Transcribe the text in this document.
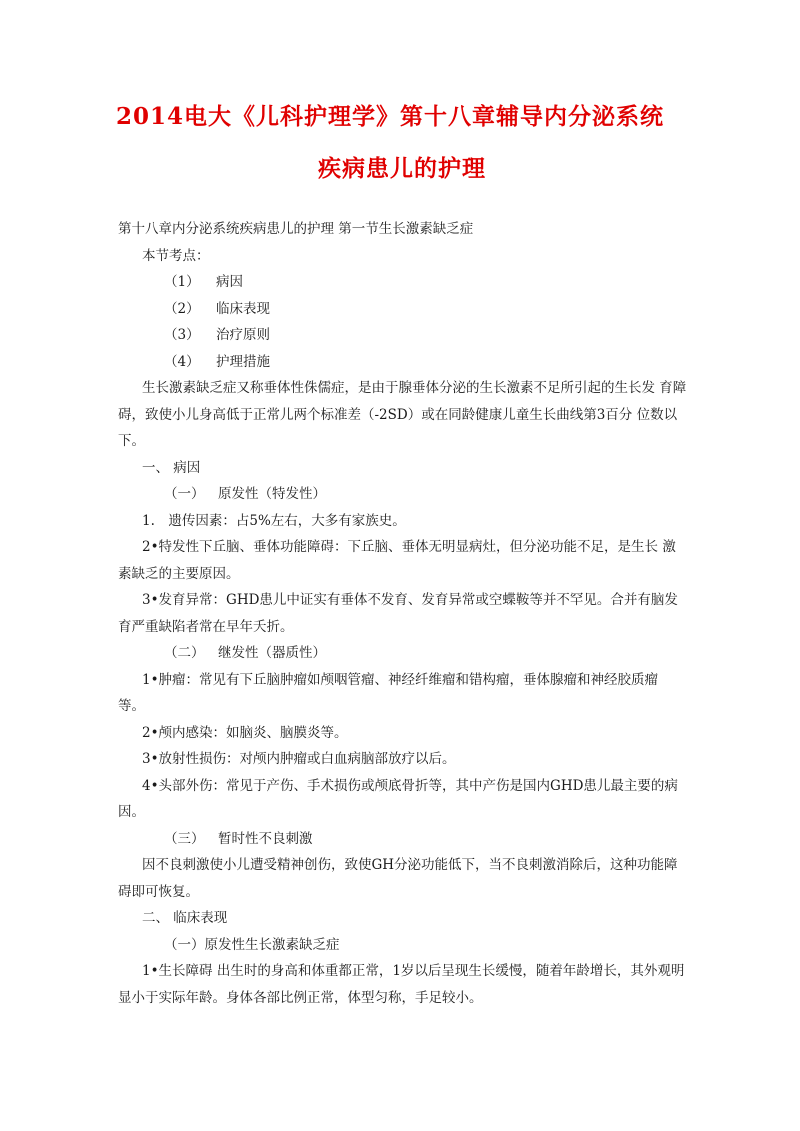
2014电大《儿科护理学》第十八章辅导内分泌系统
疾病患儿的护理

第十八章内分泌系统疾病患儿的护理 第一节生长激素缺乏症

本节考点：

（1） 病因

（2） 临床表现

（3） 治疗原则

（4） 护理措施

生长激素缺乏症又称垂体性侏儒症，是由于腺垂体分泌的生长激素不足所引起的生长发 育障碍，致使小儿身高低于正常儿两个标准差（-2SD）或在同龄健康儿童生长曲线第3百分 位数以下。

一、 病因

（一） 原发性（特发性）

1.　遗传因素：占5%左右，大多有家族史。

2•特发性下丘脑、垂体功能障碍：下丘脑、垂体无明显病灶，但分泌功能不足，是生长 激素缺乏的主要原因。

3•发育异常：GHD患儿中证实有垂体不发育、发育异常或空蝶鞍等并不罕见。合并有脑发育严重缺陷者常在早年夭折。

（二） 继发性（器质性）

1•肿瘤：常见有下丘脑肿瘤如颅咽管瘤、神经纤维瘤和错构瘤，垂体腺瘤和神经胶质瘤 等。

2•颅内感染：如脑炎、脑膜炎等。

3•放射性损伤：对颅内肿瘤或白血病脑部放疗以后。

4•头部外伤：常见于产伤、手术损伤或颅底骨折等，其中产伤是国内GHD患儿最主要的病因。

（三） 暂时性不良刺激

因不良刺激使小儿遭受精神创伤，致使GH分泌功能低下，当不良刺激消除后，这种功能障碍即可恢复。

二、 临床表现

（一）原发性生长激素缺乏症

1•生长障碍 出生时的身高和体重都正常，1岁以后呈现生长缓慢，随着年龄增长，其外观明显小于实际年龄。身体各部比例正常，体型匀称，手足较小。
